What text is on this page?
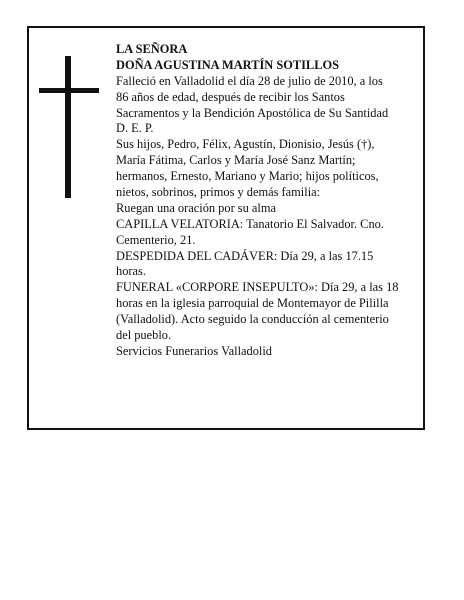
LA SEÑORA
DOÑA AGUSTINA MARTÍN SOTILLOS
Falleció en Valladolid el día 28 de julio de 2010, a los
86 años de edad, después de recibir los Santos
Sacramentos y la Bendición Apostólica de Su Santidad
D. E. P.
Sus hijos, Pedro, Félix, Agustín, Dionisio, Jesús (†),
María Fátima, Carlos y María José Sanz Martín;
hermanos, Ernesto, Mariano y Mario; hijos políticos,
nietos, sobrinos, primos y demás familia:
Ruegan una oración por su alma
CAPILLA VELATORIA: Tanatorio El Salvador. Cno.
Cementerio, 21.
DESPEDIDA DEL CADÁVER: Día 29, a las 17.15
horas.
FUNERAL «CORPORE INSEPULTO»: Día 29, a las 18
horas en la iglesia parroquial de Montemayor de Pililla
(Valladolid). Acto seguido la conducción al cementerio
del pueblo.
Servicios Funerarios Valladolid
